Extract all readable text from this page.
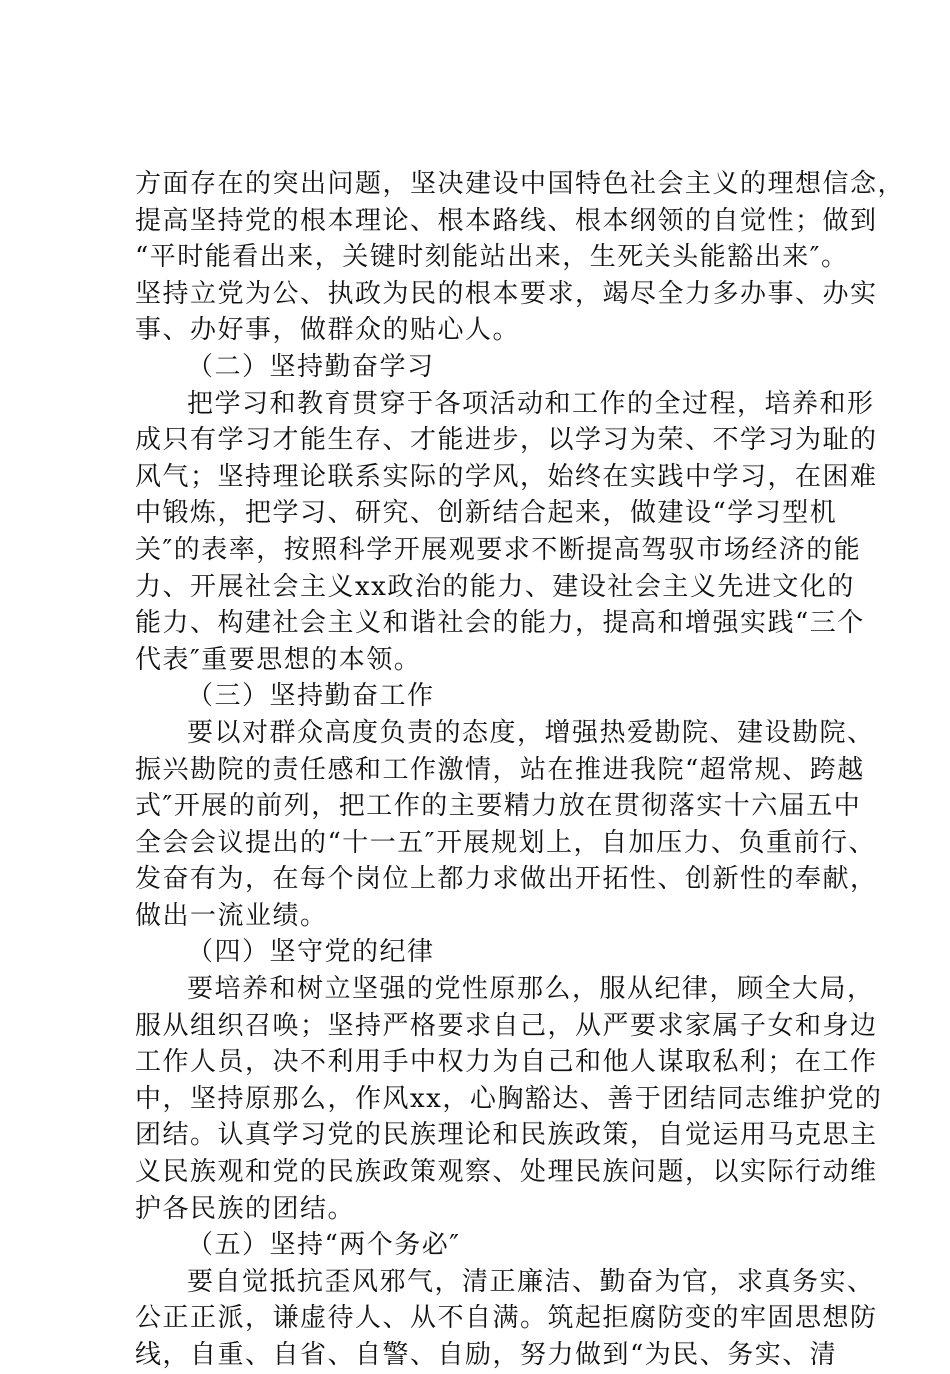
方面存在的突出问题，坚决建设中国特色社会主义的理想信念，
提高坚持党的根本理论、根本路线、根本纲领的自觉性；做到
“平时能看出来，关键时刻能站出来，生死关头能豁出来″。
坚持立党为公、执政为民的根本要求，竭尽全力多办事、办实
事、办好事，做群众的贴心人。
（二）坚持勤奋学习
把学习和教育贯穿于各项活动和工作的全过程，培养和形
成只有学习才能生存、才能进步，以学习为荣、不学习为耻的
风气；坚持理论联系实际的学风，始终在实践中学习，在困难
中锻炼，把学习、研究、创新结合起来，做建设“学习型机
关″的表率，按照科学开展观要求不断提高驾驭市场经济的能
力、开展社会主义xx政治的能力、建设社会主义先进文化的
能力、构建社会主义和谐社会的能力，提高和增强实践“三个
代表″重要思想的本领。
（三）坚持勤奋工作
要以对群众高度负责的态度，增强热爱勘院、建设勘院、
振兴勘院的责任感和工作激情，站在推进我院“超常规、跨越
式″开展的前列，把工作的主要精力放在贯彻落实十六届五中
全会会议提出的“十一五″开展规划上，自加压力、负重前行、
发奋有为，在每个岗位上都力求做出开拓性、创新性的奉献，
做出一流业绩。
（四）坚守党的纪律
要培养和树立坚强的党性原那么，服从纪律，顾全大局，
服从组织召唤；坚持严格要求自己，从严要求家属子女和身边
工作人员，决不利用手中权力为自己和他人谋取私利；在工作
中，坚持原那么，作风xx，心胸豁达、善于团结同志维护党的
团结。认真学习党的民族理论和民族政策，自觉运用马克思主
义民族观和党的民族政策观察、处理民族问题，以实际行动维
护各民族的团结。
（五）坚持“两个务必″
要自觉抵抗歪风邪气，清正廉洁、勤奋为官，求真务实、
公正正派，谦虚待人、从不自满。筑起拒腐防变的牢固思想防
线，自重、自省、自警、自励，努力做到“为民、务实、清
